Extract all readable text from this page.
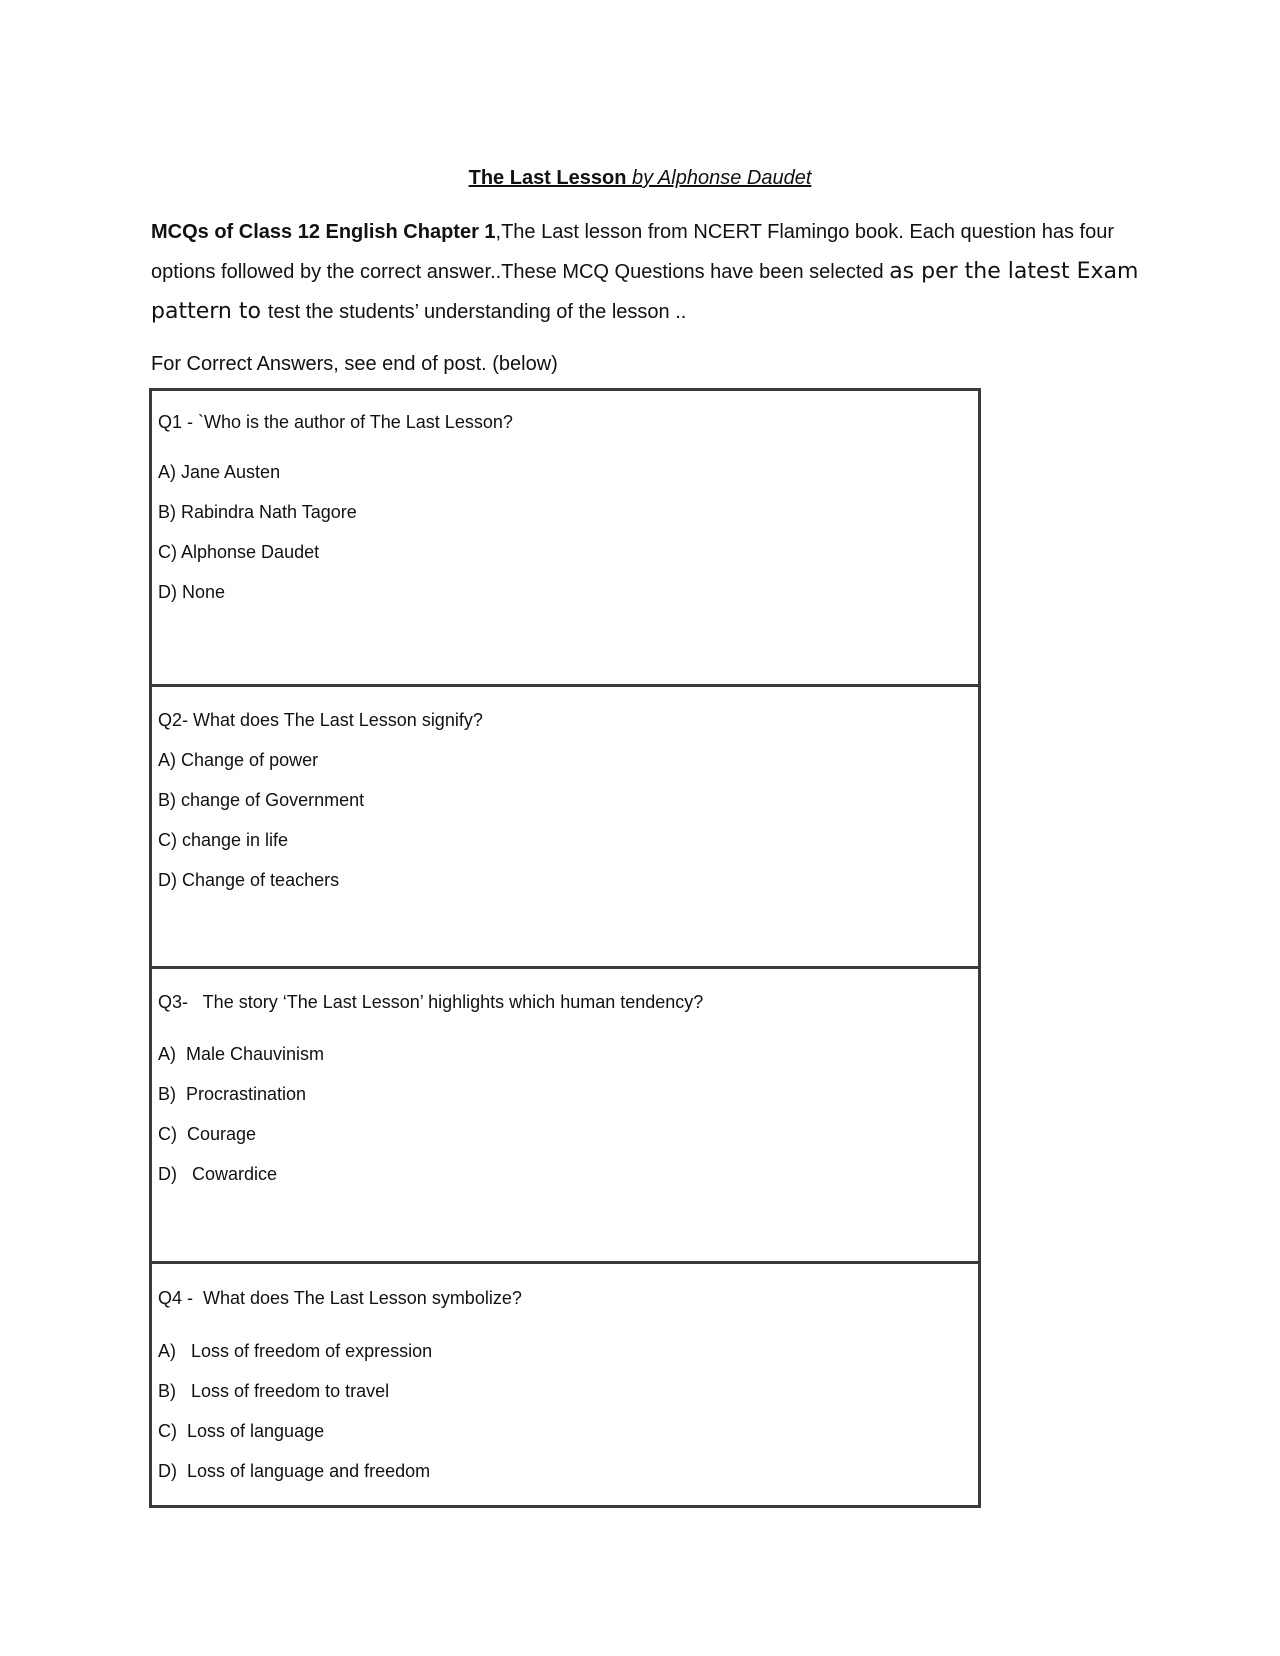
The Last Lesson by Alphonse Daudet
MCQs of Class 12 English Chapter 1,The Last lesson from NCERT Flamingo book. Each question has four options followed by the correct answer..These MCQ Questions have been selected as per the latest Exam pattern to test the students’ understanding of the lesson ..
For Correct Answers, see end of post. (below)
Q1 - `Who is the author of The Last Lesson?
A) Jane Austen
B) Rabindra Nath Tagore
C) Alphonse Daudet
D) None
Q2- What does The Last Lesson signify?
A) Change of power
B) change of Government
C) change in life
D) Change of teachers
Q3-   The story ‘The Last Lesson’ highlights which human tendency?
A)  Male Chauvinism
B)  Procrastination
C)  Courage
D)   Cowardice
Q4 -  What does The Last Lesson symbolize?
A)   Loss of freedom of expression
B)   Loss of freedom to travel
C)  Loss of language
D)  Loss of language and freedom
